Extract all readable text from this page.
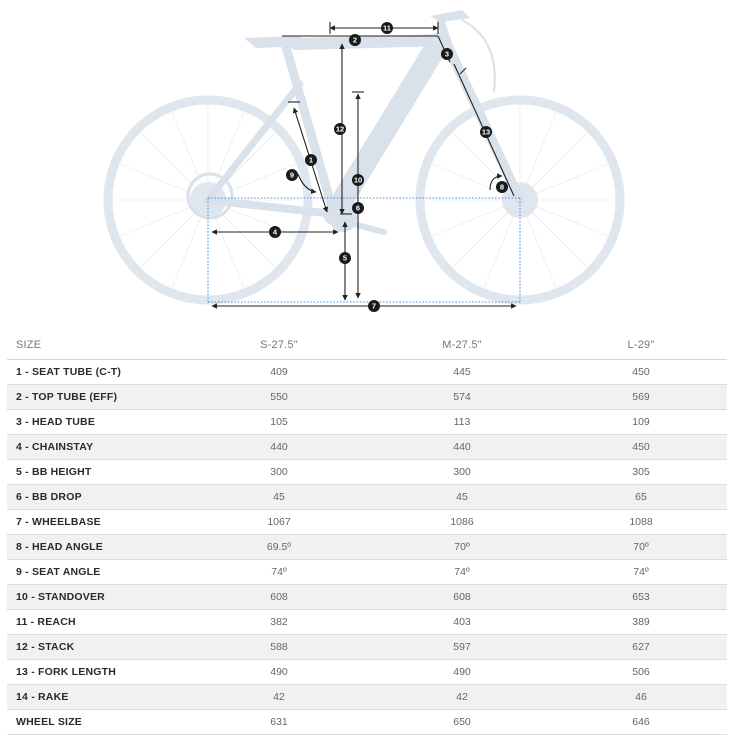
1
2
3
4
5
6
7
8
9
10
11
12	13
SIZE	S-27.5"	M-27.5"	L-29"
1 - SEAT TUBE (C-T)	409	445	450
2 - TOP TUBE (EFF)	550	574	569
3 - HEAD TUBE	105	113	109
4 - CHAINSTAY	440	440	450
5 - BB HEIGHT	300	300	305
6 - BB DROP	45	45	65
7 - WHEELBASE	1067	1086	1088
8 - HEAD ANGLE	69.5º	70º	70º
9 - SEAT ANGLE	74º	74º	74º
10 - STANDOVER	608	608	653
11 - REACH	382	403	389
12 - STACK	588	597	627
13 - FORK LENGTH	490	490	506
14 - RAKE	42	42	46
WHEEL SIZE	631	650	646
